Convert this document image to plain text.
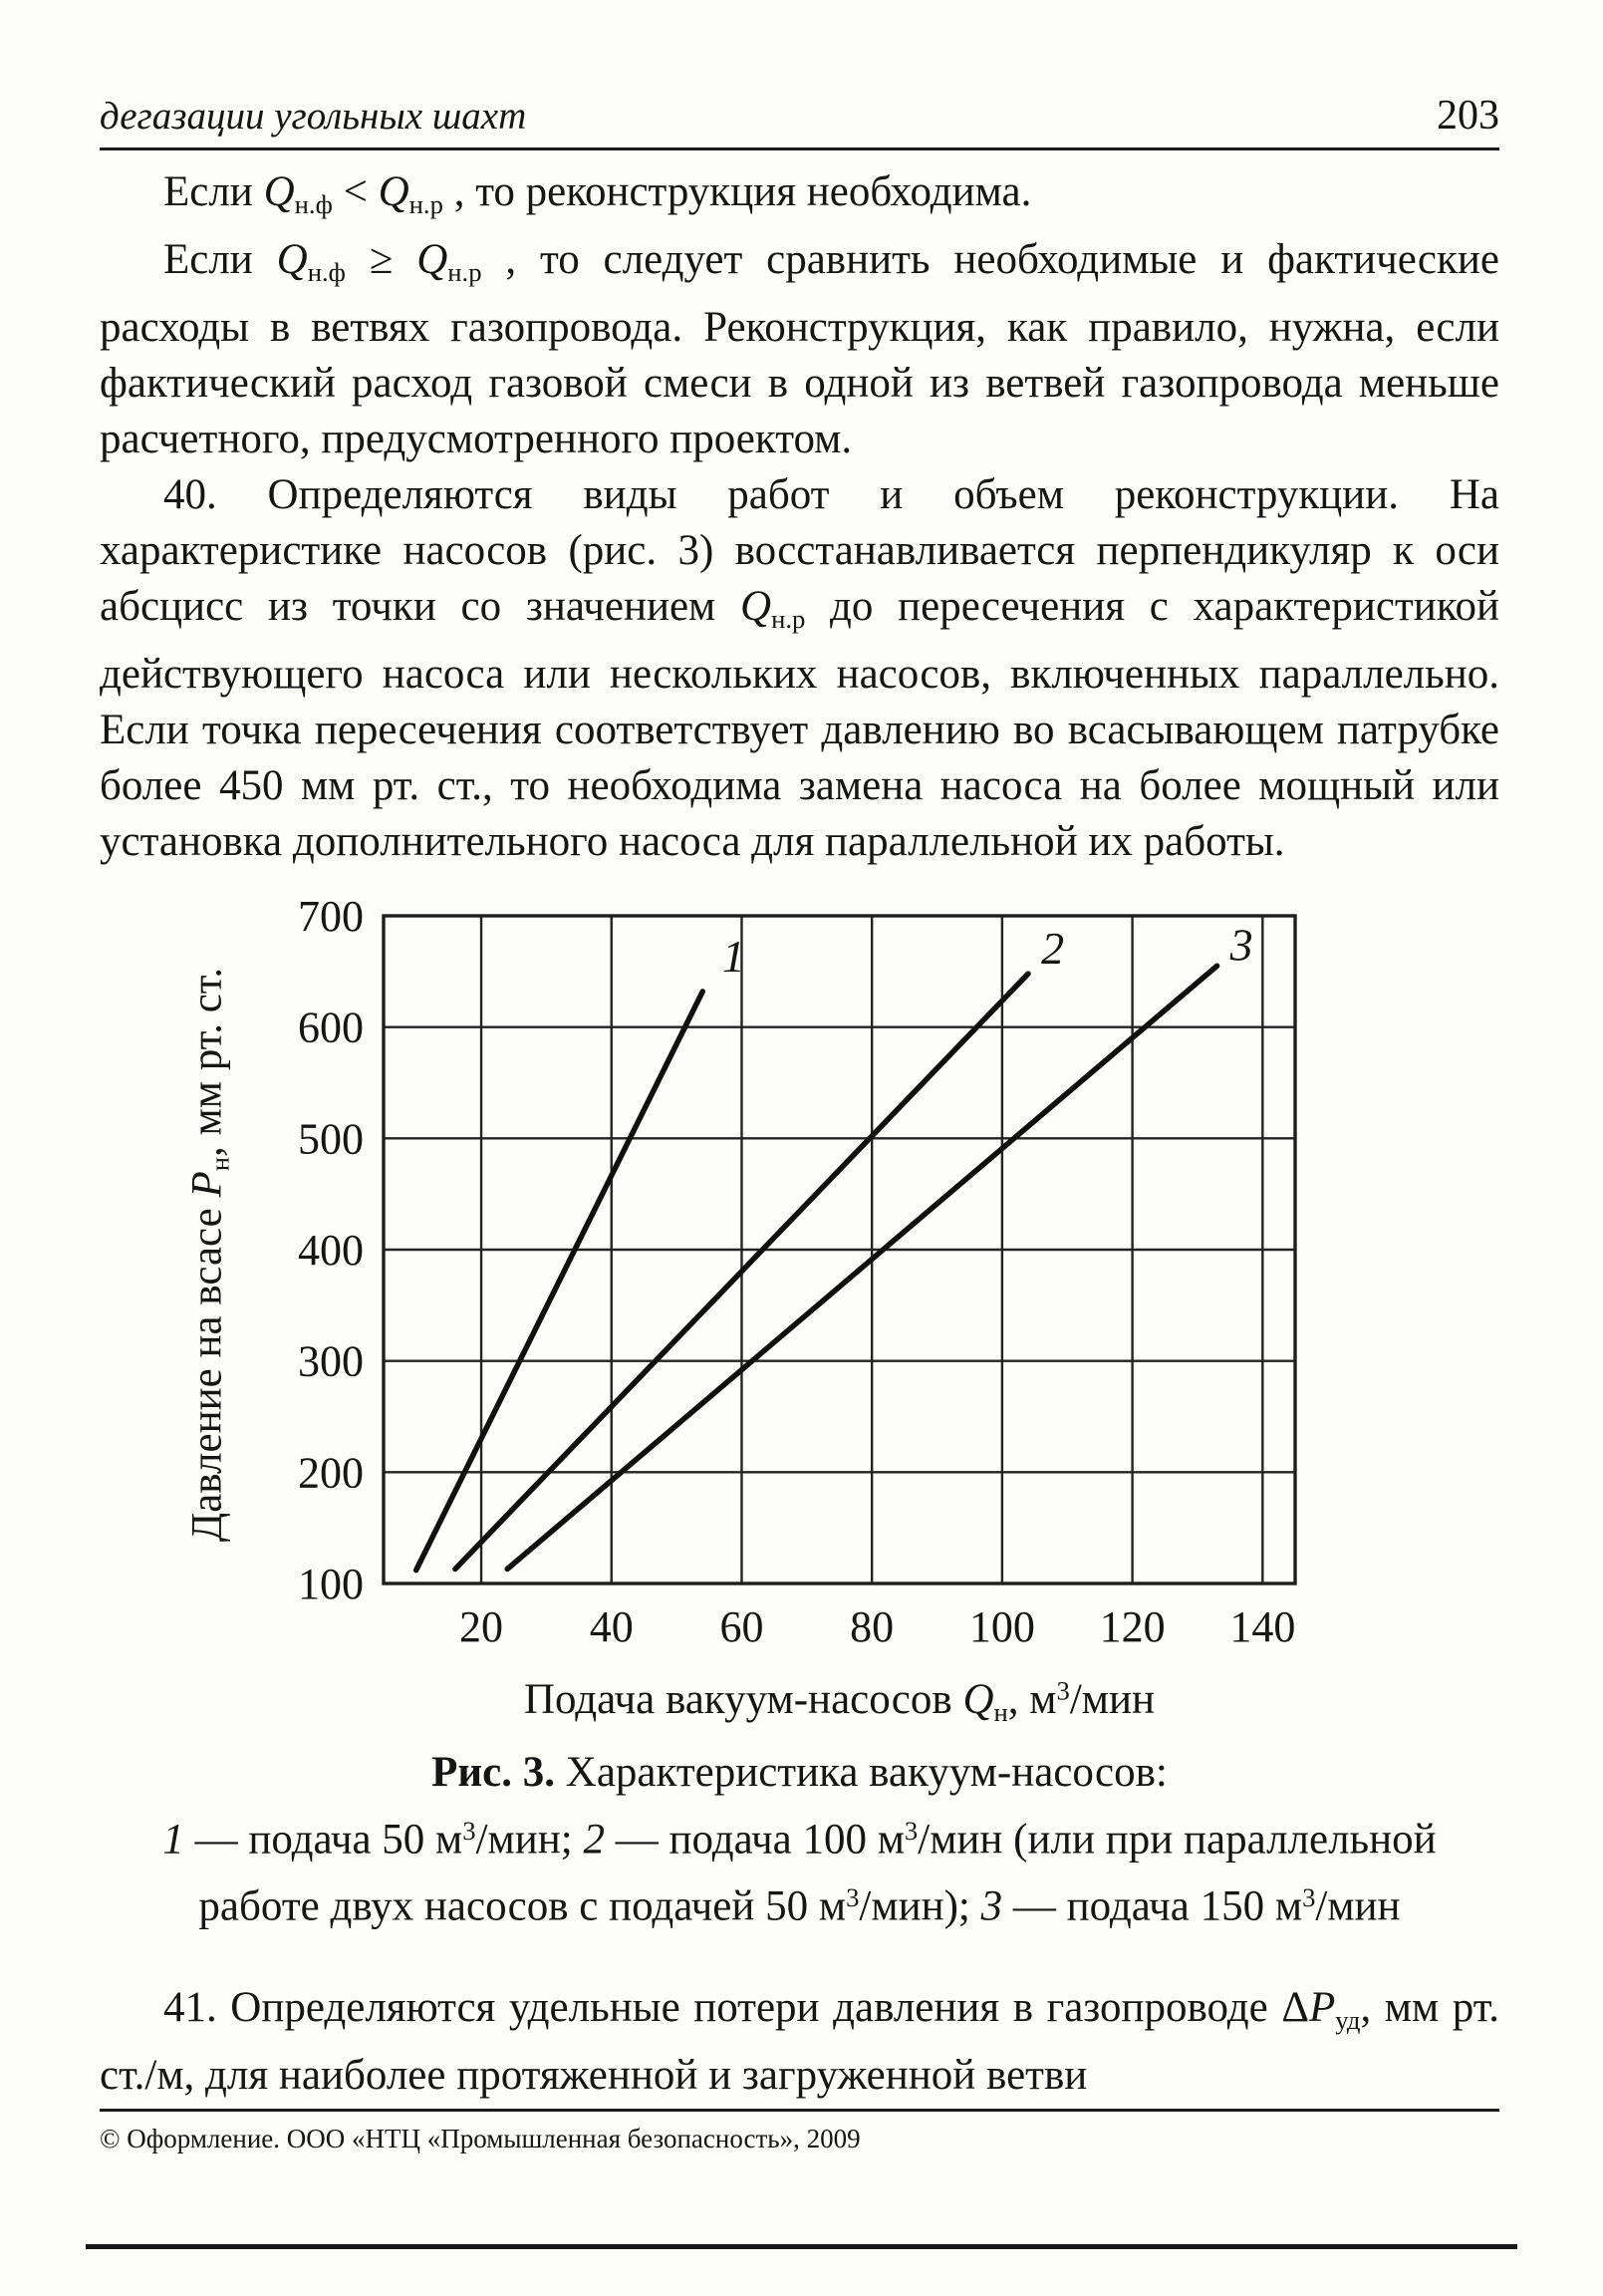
дегазации угольных шахт	203

Если Qн.ф < Qн.р , то реконструкция необходима.

Если Qн.ф ≥ Qн.р , то следует сравнить необходимые и фактические расходы в ветвях газопровода. Реконструкция, как правило, нужна, если фактический расход газовой смеси в одной из ветвей газопровода меньше расчетного, предусмотренного проектом.

40. Определяются виды работ и объем реконструкции. На характеристике насосов (рис. 3) восстанавливается перпендикуляр к оси абсцисс из точки со значением Qн.р до пересечения с характеристикой действующего насоса или нескольких насосов, включенных параллельно. Если точка пересечения соответствует давлению во всасывающем патрубке более 450 мм рт. ст., то необходима замена насоса на более мощный или установка дополнительного насоса для параллельной их работы.

Давление на всасе Рн, мм рт. ст.
20 40 60 80 100 120 140
100
200
300
400
500
600
700
1	2	3
Подача вакуум-насосов Qн, $м^3$/мин

Рис. 3. Характеристика вакуум-насосов:

1 — подача 50 $м^3$/мин; 2 — подача 100 $м^3$/мин (или при параллельной

работе двух насосов с подачей 50 $м^3/мин$); 3 — подача 150 $м^3$/мин

41. Определяются удельные потери давления в газопроводе ΔРуд, мм рт. ст./м, для наиболее протяженной и загруженной ветви

© Оформление. ООО «НТЦ «Промышленная безопасность», 2009
